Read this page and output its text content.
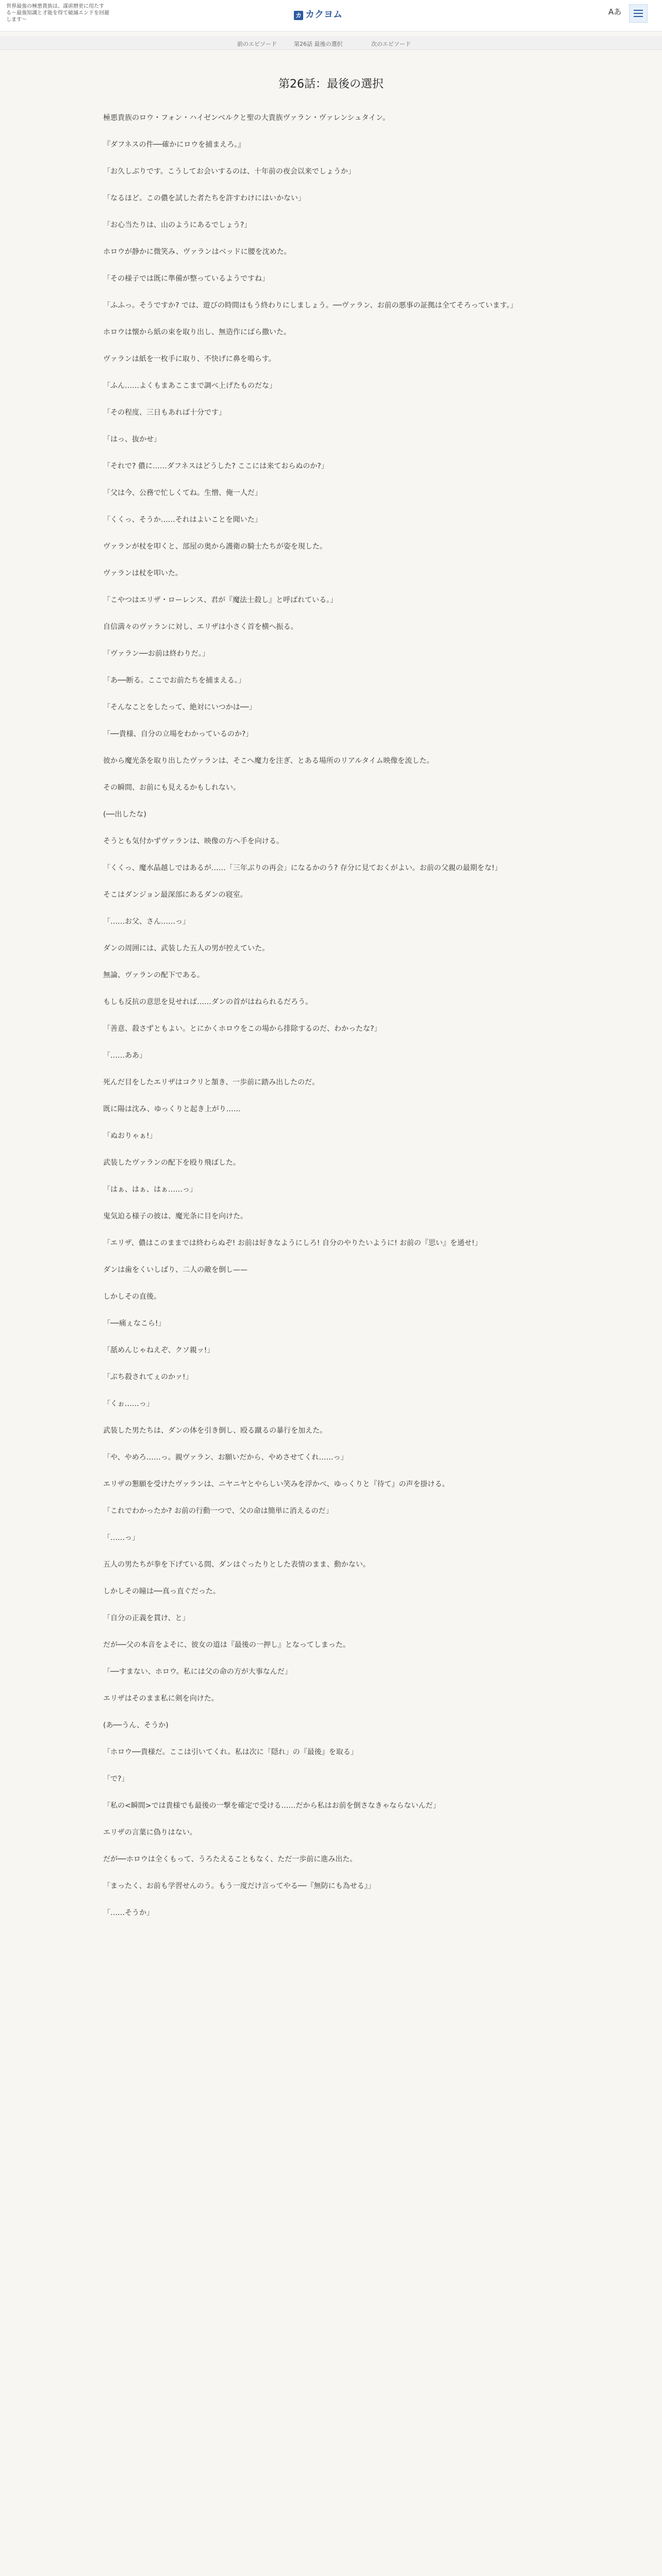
世界最強の極悪貴族は、謀虐暦更に用たする〜最強知識と才能を得て破滅エンドを回避します〜
カ カクヨム	Aあ
前のエピソード	第26話 最後の選択	次のエピソード
第26話：最後の選択

極悪貴族のロウ・フォン・ハイゼンベルクと聖の大貴族ヴァラン・ヴァレンシュタイン。

『ダフネスの件──確かにロウを捕まえろ。』

「お久しぶりです。こうしてお会いするのは、十年前の夜会以来でしょうか」

「なるほど。この儂を試した者たちを許すわけにはいかない」

「お心当たりは、山のようにあるでしょう?」

ホロウが静かに微笑み、ヴァランはベッドに腰を沈めた。

「その様子では既に準備が整っているようですね」

「ふふっ。そうですか? では、遊びの時間はもう終わりにしましょう。──ヴァラン、お前の悪事の証拠は全てそろっています。」

ホロウは懐から紙の束を取り出し、無造作にばら撒いた。

ヴァランは紙を一枚手に取り、不快げに鼻を鳴らす。

「ふん……よくもまあここまで調べ上げたものだな」

「その程度、三日もあれば十分です」

「はっ、抜かせ」

「それで? 儂に……ダフネスはどうした? ここには来ておらぬのか?」

「父は今、公務で忙しくてね。生憎、俺一人だ」

「くくっ、そうか……それはよいことを聞いた」

ヴァランが杖を叩くと、部屋の奥から護衛の騎士たちが姿を現した。

ヴァランは杖を叩いた。

「こやつはエリザ・ローレンス、君が『魔法士殺し』と呼ばれている。」

自信満々のヴァランに対し、エリザは小さく首を横へ振る。

「ヴァラン──お前は終わりだ。」

「あ──断る。ここでお前たちを捕まえる。」

「そんなことをしたって、絶対にいつかは──」

「──貴様、自分の立場をわかっているのか?」

彼から魔光条を取り出したヴァランは、そこへ魔力を注ぎ、とある場所のリアルタイム映像を流した。

その瞬間、お前にも見えるかもしれない。

(──出したな)

そうとも気付かずヴァランは、映像の方へ手を向ける。

「くくっ、魔水晶越しではあるが……「三年ぶりの再会」になるかのう? 存分に見ておくがよい。お前の父親の最期をな!」

そこはダンジョン最深部にあるダンの寝室。

「……お父、さん……っ」

ダンの周囲には、武装した五人の男が控えていた。

無論、ヴァランの配下である。

もしも反抗の意思を見せれば……ダンの首がはねられるだろう。

「善意、殺さずともよい。とにかくホロウをこの場から排除するのだ、わかったな?」

「……ああ」

死んだ目をしたエリザはコクリと頷き、一歩前に踏み出したのだ。

既に陽は沈み、ゆっくりと起き上がり……

「ぬおりゃぁ!」

武装したヴァランの配下を殴り飛ばした。

「はぁ、はぁ、はぁ……っ」

鬼気迫る様子の彼は、魔光条に目を向けた。

「エリザ、儂はこのままでは終わらぬぞ! お前は好きなようにしろ! 自分のやりたいように! お前の『思い』を通せ!」

ダンは歯をくいしばり、二人の敵を倒し——

しかしその直後。

「──痛ぇなこら!」

「舐めんじゃねえぞ、クソ親ッ!」

「ぶち殺されてぇのかァ!」

「くぉ……っ」

武装した男たちは、ダンの体を引き倒し、殴る蹴るの暴行を加えた。

「や、やめろ……っ。親ヴァラン、お願いだから、やめさせてくれ……っ」

エリザの懇願を受けたヴァランは、ニヤニヤとやらしい笑みを浮かべ、ゆっくりと『待て』の声を掛ける。

「これでわかったか? お前の行動一つで、父の命は簡単に消えるのだ」

「……っ」

五人の男たちが拳を下げている間、ダンはぐったりとした表情のまま、動かない。

しかしその瞳は──真っ直ぐだった。

「自分の正義を貫け、と」

だが──父の本音をよそに、彼女の道は『最後の一押し』となってしまった。

「──すまない、ホロウ。私には父の命の方が大事なんだ」

エリザはそのまま私に剣を向けた。

(あ──うん、そうか)

「ホロウ──貴様だ。ここは引いてくれ。私は次に「隠れ」の『最後』を取る」

「で?」

「私の<瞬間>では貴様でも最後の一撃を確定で受ける……だから私はお前を倒さなきゃならないんだ」

エリザの言葉に偽りはない。

だが──ホロウは全くもって、うろたえることもなく、ただ一歩前に進み出た。

「まったく、お前も学習せんのう。もう一度だけ言ってやる──『無防にも為せる』」

「……そうか」
